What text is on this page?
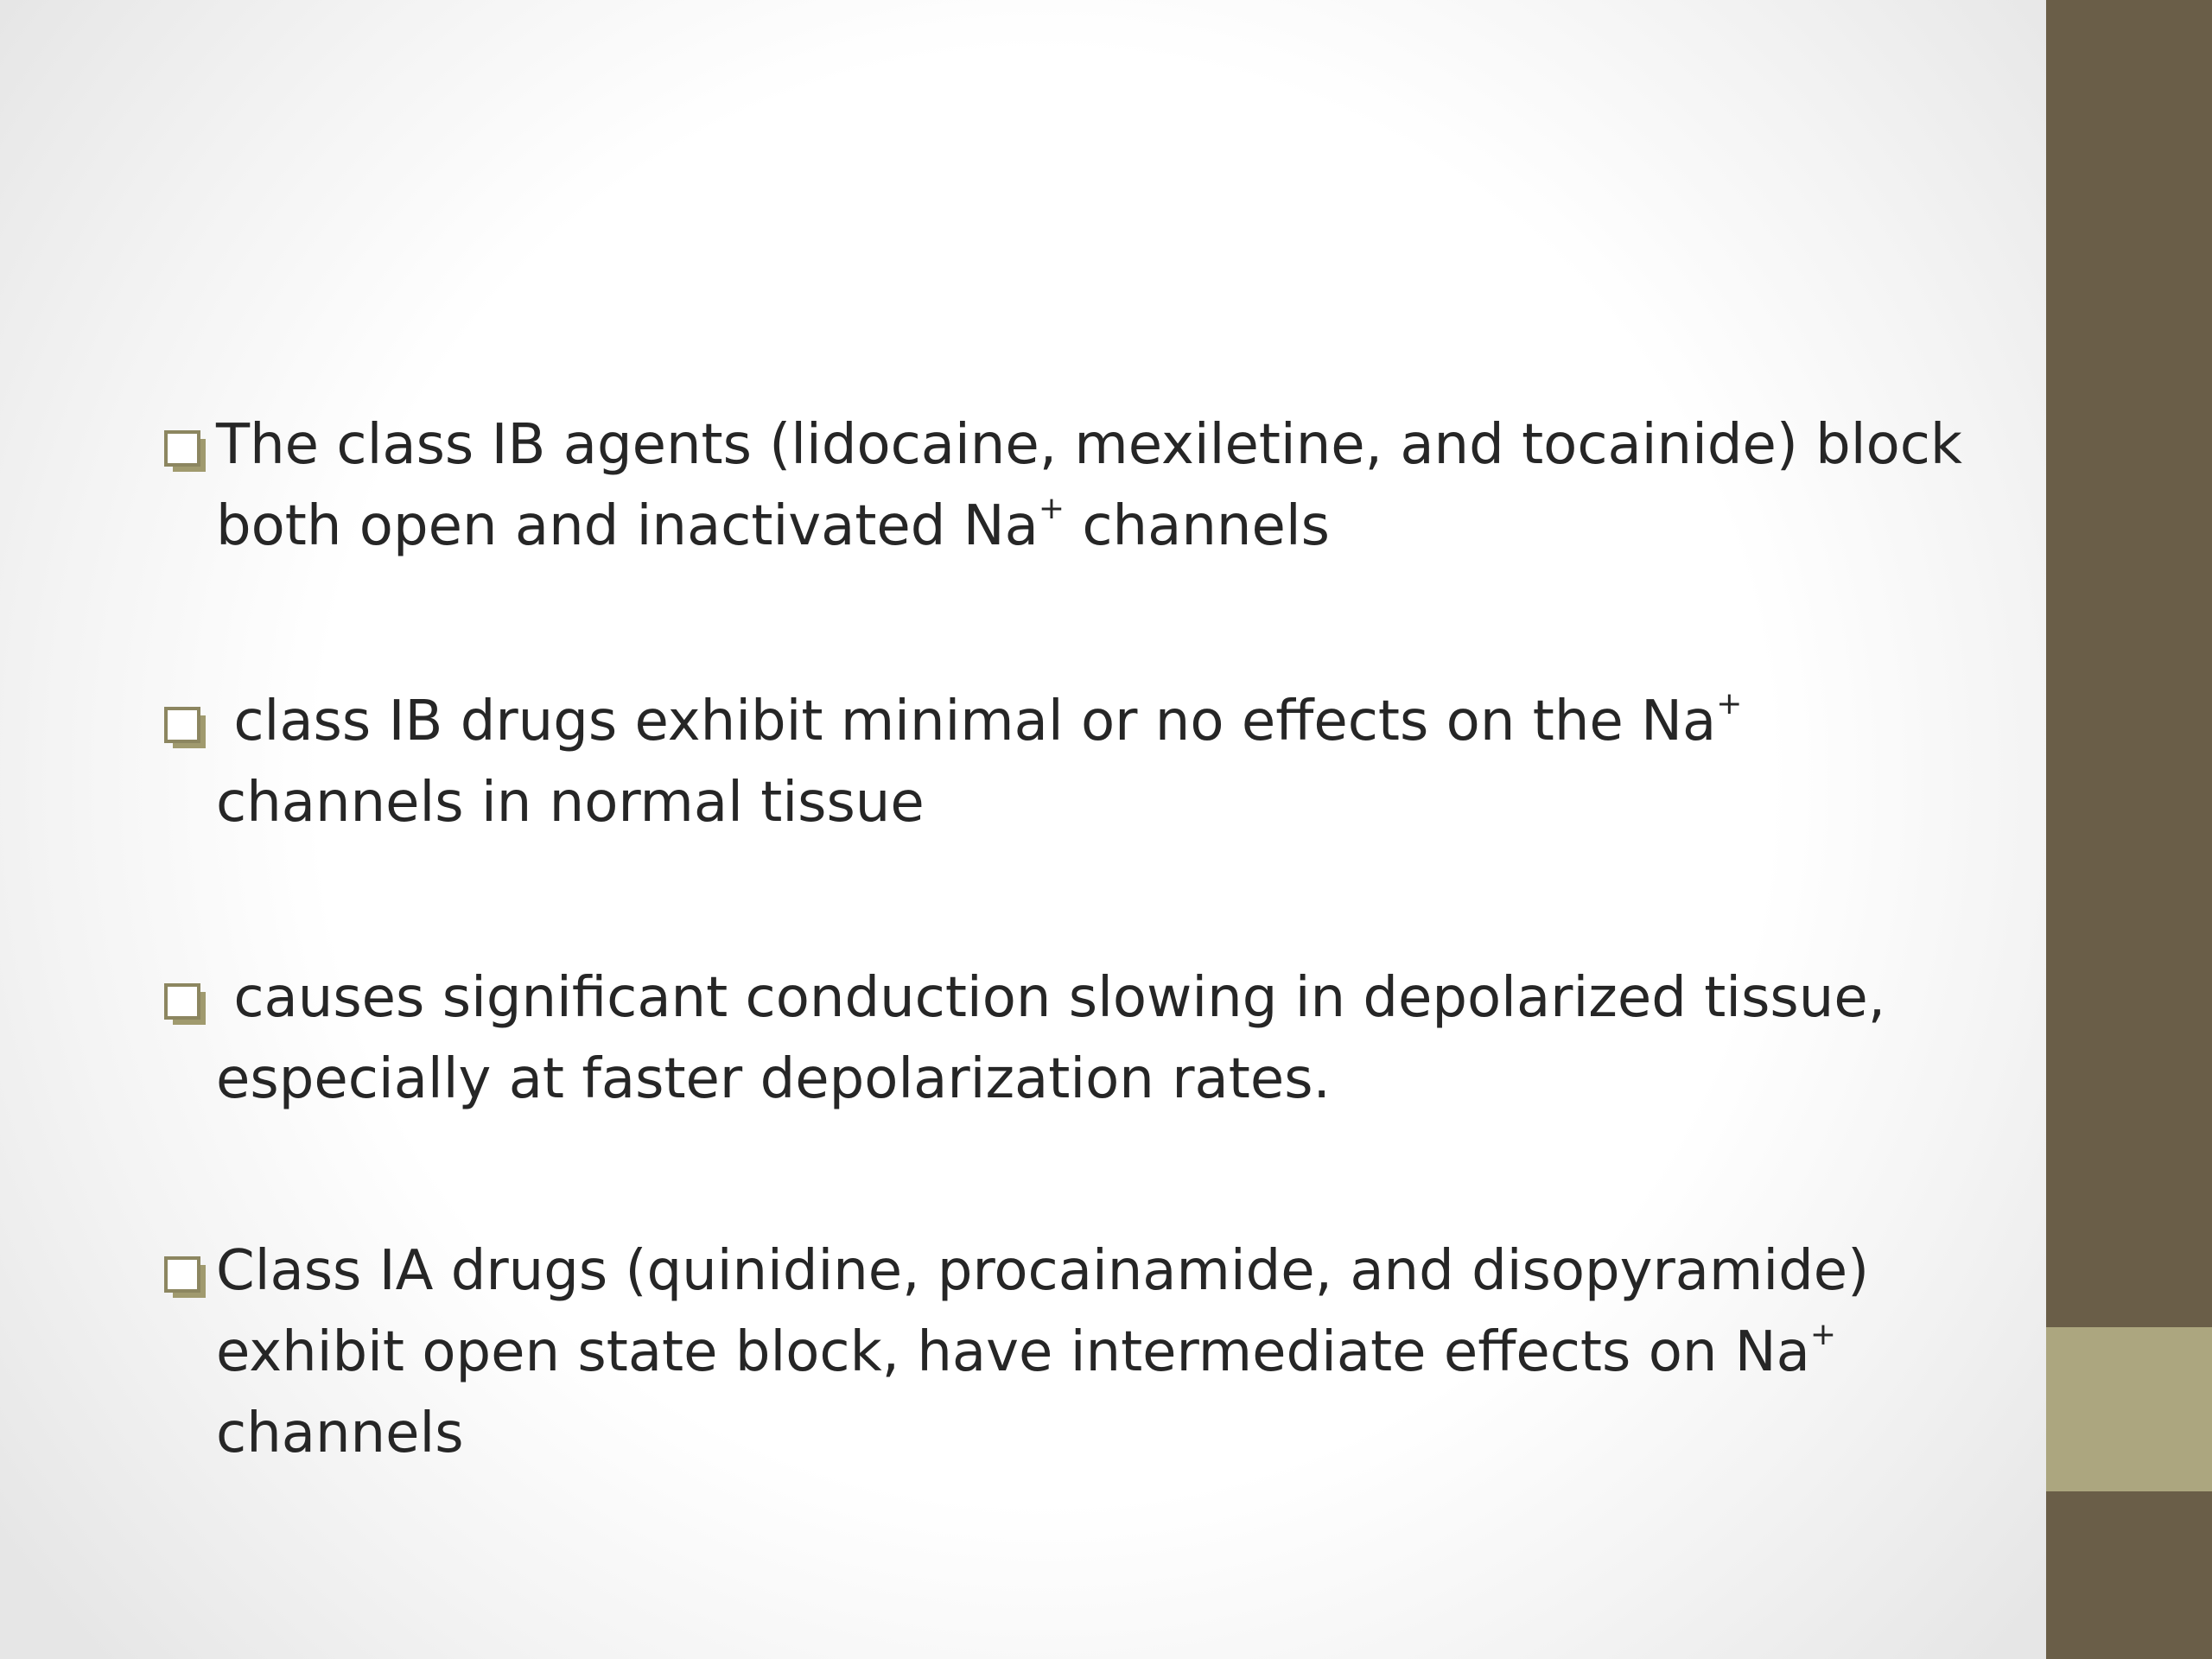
The class IB agents (lidocaine, mexiletine, and tocainide) block
both open and inactivated Na+ channels

class IB drugs exhibit minimal or no effects on the Na+
channels in normal tissue

causes significant conduction slowing in depolarized tissue,
especially at faster depolarization rates.

Class IA drugs (quinidine, procainamide, and disopyramide)
exhibit open state block, have intermediate effects on Na+
channels
